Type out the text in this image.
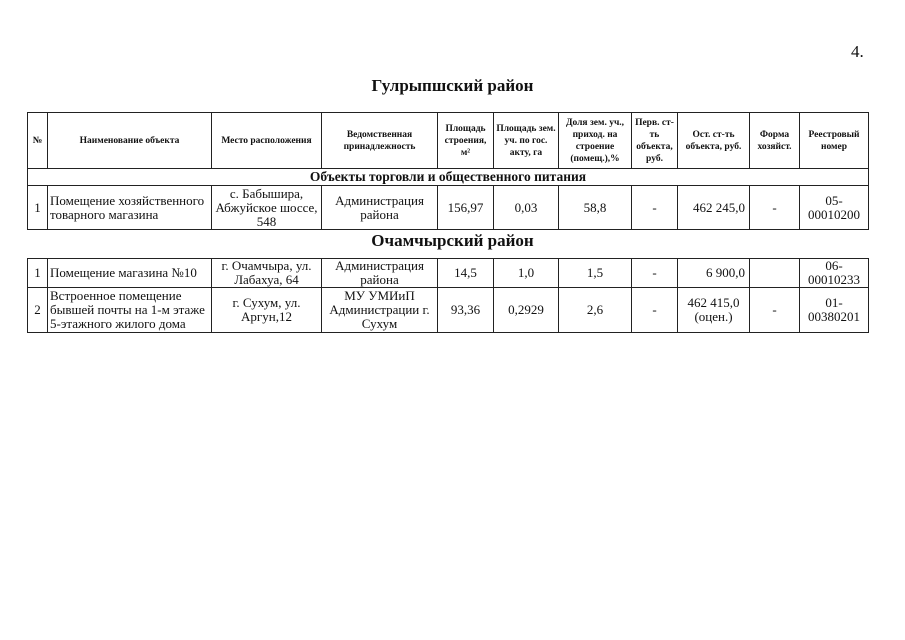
4.
Гулрыпшский район
№	Наименование объекта	Место расположения	Ведомственная принадлежность	Площадь строения, м²	Площадь зем. уч. по гос. акту, га	Доля зем. уч., приход. на строение (помещ.),%	Перв. ст-ть объекта, руб.	Ост. ст-ть объекта, руб.	Форма хозяйст.	Реестровый номер
Объекты торговли и общественного питания										
1	Помещение хозяйственного товарного магазина	с. Бабышира, Абжуйское шоссе, 548	Администрация района	156,97	0,03	58,8	-	462 245,0	-	05-00010200
Очамчырский район
1	Помещение магазина №10	г. Очамчыра, ул. Лабахуа, 64	Администрация района	14,5	1,0	1,5	-	6 900,0		06-00010233
2	Встроенное помещение бывшей почты на 1-м этаже 5-этажного жилого дома	г. Сухум, ул. Аргун,12	МУ УМИиП Администрации г. Сухум	93,36	0,2929	2,6	-	462 415,0 (оцен.)	-	01-00380201
